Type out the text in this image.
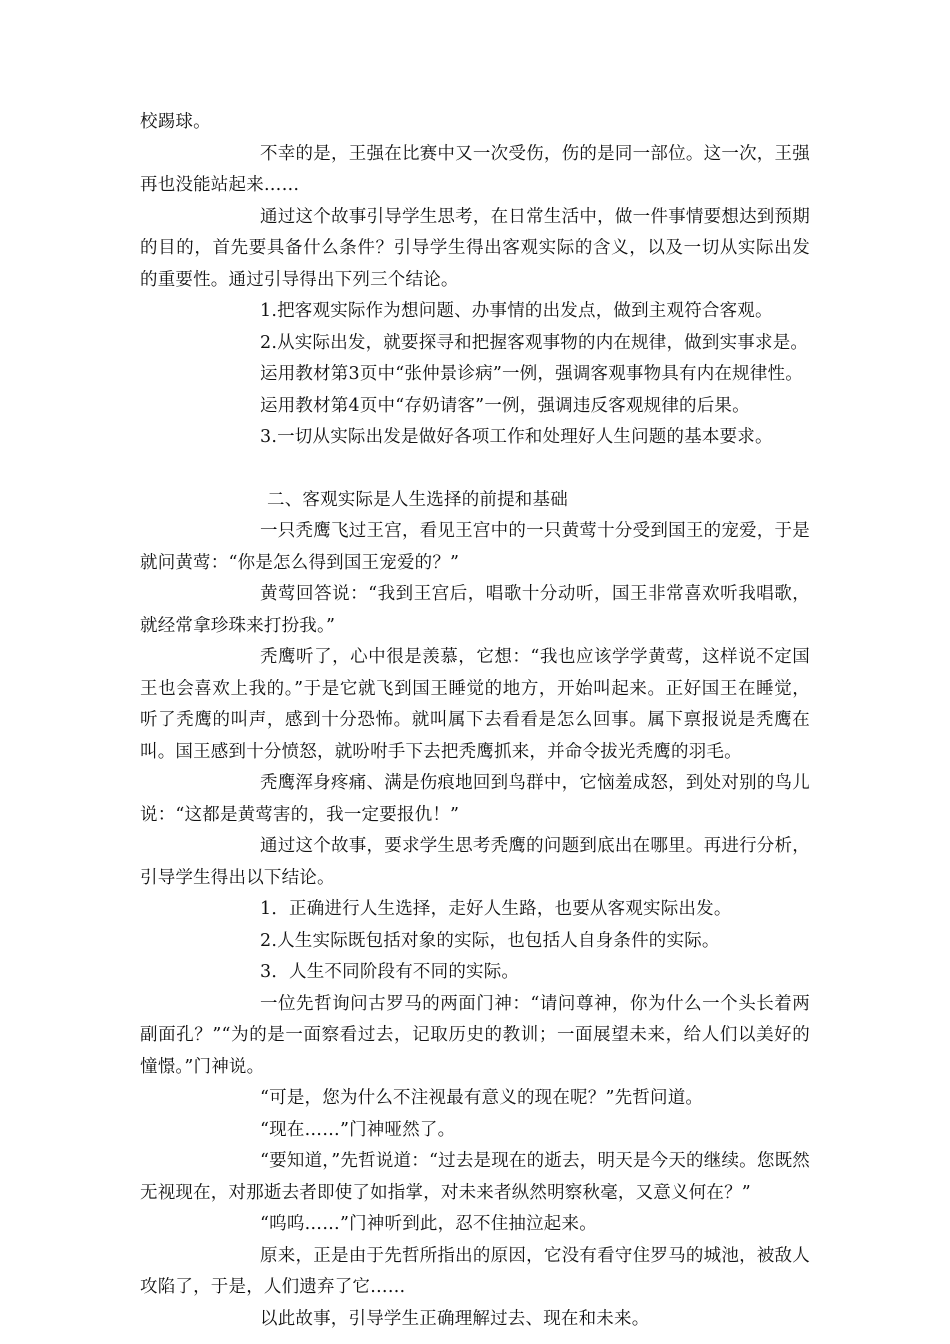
校踢球。

不幸的是，王强在比赛中又一次受伤，伤的是同一部位。这一次，王强再也没能站起来……

通过这个故事引导学生思考，在日常生活中，做一件事情要想达到预期的目的，首先要具备什么条件？引导学生得出客观实际的含义，以及一切从实际出发的重要性。通过引导得出下列三个结论。

1.把客观实际作为想问题、办事情的出发点，做到主观符合客观。

2.从实际出发，就要探寻和把握客观事物的内在规律，做到实事求是。

运用教材第3页中“张仲景诊病”一例，强调客观事物具有内在规律性。

运用教材第4页中“存奶请客”一例，强调违反客观规律的后果。

3.一切从实际出发是做好各项工作和处理好人生问题的基本要求。

二、客观实际是人生选择的前提和基础

一只秃鹰飞过王宫，看见王宫中的一只黄莺十分受到国王的宠爱，于是就问黄莺：“你是怎么得到国王宠爱的？”

黄莺回答说：“我到王宫后，唱歌十分动听，国王非常喜欢听我唱歌，就经常拿珍珠来打扮我。”

秃鹰听了，心中很是羡慕，它想：“我也应该学学黄莺，这样说不定国王也会喜欢上我的。”于是它就飞到国王睡觉的地方，开始叫起来。正好国王在睡觉，听了秃鹰的叫声，感到十分恐怖。就叫属下去看看是怎么回事。属下禀报说是秃鹰在叫。国王感到十分愤怒，就吩咐手下去把秃鹰抓来，并命令拔光秃鹰的羽毛。

秃鹰浑身疼痛、满是伤痕地回到鸟群中，它恼羞成怒，到处对别的鸟儿说：“这都是黄莺害的，我一定要报仇！”

通过这个故事，要求学生思考秃鹰的问题到底出在哪里。再进行分析，引导学生得出以下结论。

1．正确进行人生选择，走好人生路，也要从客观实际出发。

2.人生实际既包括对象的实际，也包括人自身条件的实际。

3．人生不同阶段有不同的实际。

一位先哲询问古罗马的两面门神：“请问尊神，你为什么一个头长着两副面孔？”“为的是一面察看过去，记取历史的教训；一面展望未来，给人们以美好的憧憬。”门神说。

“可是，您为什么不注视最有意义的现在呢？”先哲问道。

“现在……”门神哑然了。

“要知道，”先哲说道：“过去是现在的逝去，明天是今天的继续。您既然无视现在，对那逝去者即使了如指掌，对未来者纵然明察秋毫，又意义何在？”

“呜呜……”门神听到此，忍不住抽泣起来。

原来，正是由于先哲所指出的原因，它没有看守住罗马的城池，被敌人攻陷了，于是，人们遗弃了它……

以此故事，引导学生正确理解过去、现在和未来。
